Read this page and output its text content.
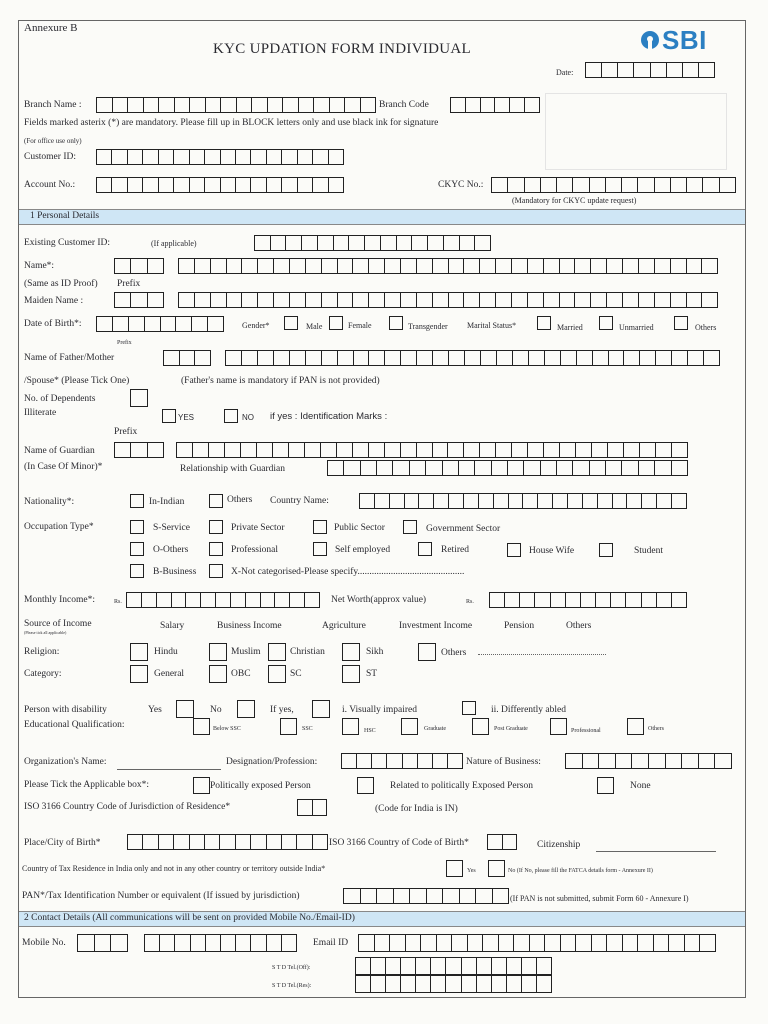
Annexure B
KYC UPDATION FORM INDIVIDUAL	SBI
Date:
Branch Name :	Branch Code
Fields marked asterix (*) are mandatory. Please fill up in BLOCK letters only and use black ink for signature
(For office use only)
Customer ID:
Account No.:	CKYC No.:
(Mandatory for CKYC update request)
1 Personal Details
Existing Customer ID:	(If applicable)
Name*:
(Same as ID Proof) Prefix
Maiden Name :
Date of Birth*:	Gender*	Male	Female	Transgender Marital Status*	Married	Unmarried	Others
Prefix
Name of Father/Mother
/Spouse* (Please Tick One)	(Father's name is mandatory if PAN is not provided)
No. of Dependents
Illiterate	YES	NO if yes : Identification Marks :
Prefix
Name of Guardian
(In Case Of Minor)*	Relationship with Guardian
Nationality*:	In-Indian	Others Country Name:
Occupation Type*	S-Service	Private Sector	Public Sector	Government Sector
O-Others	Professional	Self employed	Retired	House Wife	Student
B-Business	X-Not categorised-Please specify.............................................
Monthly Income*:	Rs.	Net Worth(approx value)	Rs.
Source of Income
(Please tick all applicable)
Salary	Business Income	Agriculture	Investment Income	Pension	Others
Religion:	Hindu	Muslim	Christian	Sikh	Others
Category:	General	OBC	SC	ST
Person with disability	Yes	No	If yes,	i. Visually impaired	ii. Differently abled
Educational Qualification:	Below SSC	SSC	HSC	Graduate	Post Graduate	Professional	Others
Organization's Name:	Designation/Profession:	Nature of Business:
Please Tick the Applicable box*:	Politically exposed Person	Related to politically Exposed Person	None
ISO 3166 Country Code of Jurisdiction of Residence*	(Code for India is IN)
Place/City of Birth*	ISO 3166 Country of Code of Birth*	Citizenship
Country of Tax Residence in India only and not in any other country or territory outside India*	Yes	No (If No, please fill the FATCA details form - Annexure II)
PAN*/Tax Identification Number or equivalent (If issued by jurisdiction)	(If PAN is not submitted, submit Form 60 - Annexure I)
2 Contact Details (All communications will be sent on provided Mobile No./Email-ID)
Mobile No.	Email ID
S T D Tel.(Off):
S T D Tel.(Res):
